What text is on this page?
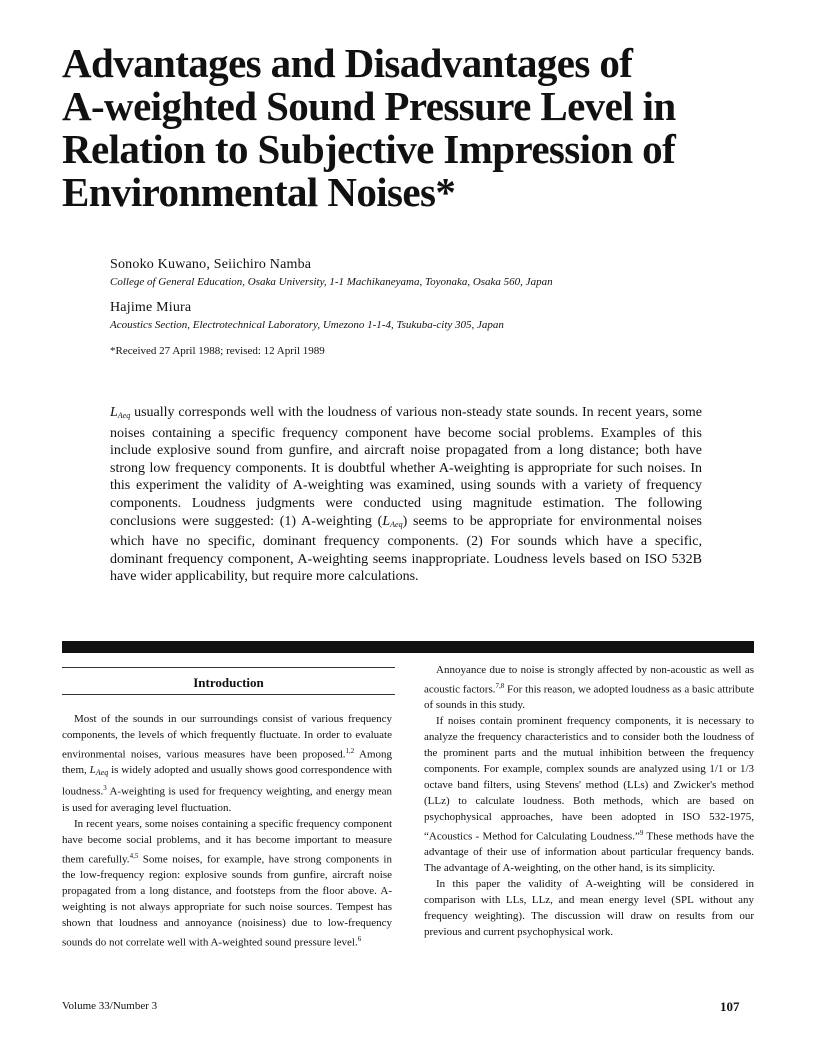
Advantages and Disadvantages of
A-weighted Sound Pressure Level in
Relation to Subjective Impression of
Environmental Noises*
Sonoko Kuwano, Seiichiro Namba
College of General Education, Osaka University, 1-1 Machikaneyama, Toyonaka, Osaka 560, Japan
Hajime Miura
Acoustics Section, Electrotechnical Laboratory, Umezono 1-1-4, Tsukuba-city 305, Japan
*Received 27 April 1988; revised: 12 April 1989

$L_{Aeq}$ usually corresponds well with the loudness of various non-steady state sounds. In recent years, some noises containing a specific frequency component have become social problems. Examples of this include explosive sound from gunfire, and aircraft noise propagated from a long distance; both have strong low frequency components. It is doubtful whether A-weighting is appropriate for such noises. In this experiment the validity of A-weighting was examined, using sounds with a variety of frequency components. Loudness judgments were conducted using magnitude estimation. The following conclusions were suggested: (1) A-weighting $(L_{Aeq})$ seems to be appropriate for environmental noises which have no specific, dominant frequency components. (2) For sounds which have a specific, dominant frequency component, A-weighting seems inappropriate. Loudness levels based on ISO 532B have wider applicability, but require more calculations.

Introduction

Most of the sounds in our surroundings consist of various frequency components, the levels of which frequently fluctuate. In order to evaluate environmental noises, various measures have been proposed.$^{1,2}$ Among them, $L_{Aeq}$ is widely adopted and usually shows good correspondence with loudness.$^3$ A-weighting is used for frequency weighting, and energy mean is used for averaging level fluctuation.

In recent years, some noises containing a specific frequency component have become social problems, and it has become important to measure them carefully.$^{4,5}$ Some noises, for example, have strong components in the low-frequency region: explosive sounds from gunfire, aircraft noise propagated from a long distance, and footsteps from the floor above. A-weighting is not always appropriate for such noise sources. Tempest has shown that loudness and annoyance (noisiness) due to low-frequency sounds do not correlate well with A-weighted sound pressure level.$^6$

Annoyance due to noise is strongly affected by non-acoustic as well as acoustic factors.$^{7,8}$ For this reason, we adopted loudness as a basic attribute of sounds in this study.

If noises contain prominent frequency components, it is necessary to analyze the frequency characteristics and to consider both the loudness of the prominent parts and the mutual inhibition between the frequency components. For example, complex sounds are analyzed using 1/1 or 1/3 octave band filters, using Stevens' method (LLs) and Zwicker's method (LLz) to calculate loudness. Both methods, which are based on psychophysical approaches, have been adopted in ISO 532-1975, “Acoustics - Method for Calculating Loudness.”$^9$ These methods have the advantage of their use of information about particular frequency bands. The advantage of A-weighting, on the other hand, is its simplicity.

In this paper the validity of A-weighting will be considered in comparison with LLs, LLz, and mean energy level (SPL without any frequency weighting). The discussion will draw on results from our previous and current psychophysical work.

Volume 33/Number 3	107
